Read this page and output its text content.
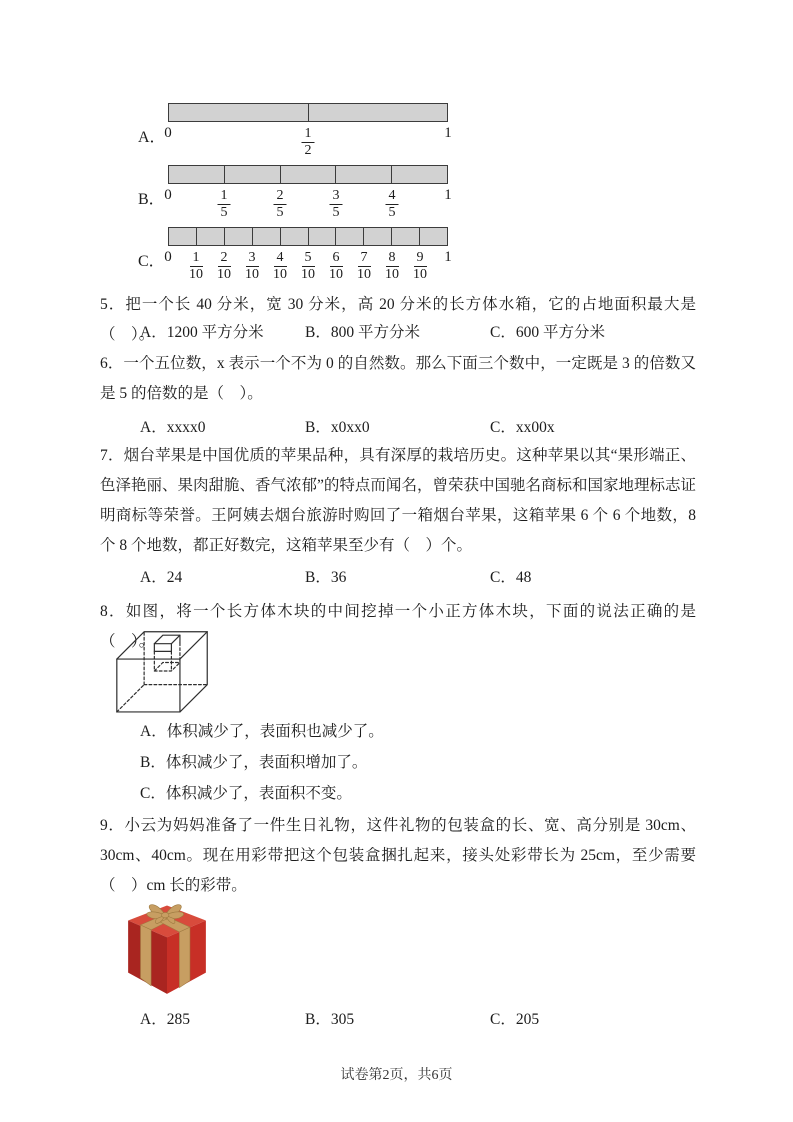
A．
0	$\frac{1}{2}$	1
B． 0	$\frac{1}{5}$	$\frac{2}{5}$	$\frac{3}{5}$	$\frac{4}{5}$	1
C． $0 \frac{1}{10} \frac{2}{10} \frac{3}{10} \frac{4}{10} \frac{5}{10} \frac{6}{10} \frac{7}{10} \frac{8}{10} \frac{9}{10} 1$

5．把一个长 40 分米，宽 30 分米，高 20 分米的长方体水箱，它的占地面积最大是（　）。

A．1200 平方分米	B．800 平方分米	C．600 平方分米

6．一个五位数，x 表示一个不为 0 的自然数。那么下面三个数中，一定既是 3 的倍数又是 5 的倍数的是（　）。

A．xxxx0	B．x0xx0	C．xx00x

7．烟台苹果是中国优质的苹果品种，具有深厚的栽培历史。这种苹果以其“果形端正、色泽艳丽、果肉甜脆、香气浓郁”的特点而闻名，曾荣获中国驰名商标和国家地理标志证明商标等荣誉。王阿姨去烟台旅游时购回了一箱烟台苹果，这箱苹果 6 个 6 个地数，8 个 8 个地数，都正好数完，这箱苹果至少有（　）个。

A．24	B．36	C．48

8．如图，将一个长方体木块的中间挖掉一个小正方体木块，下面的说法正确的是（　）。

A．体积减少了，表面积也减少了。

B．体积减少了，表面积增加了。

C．体积减少了，表面积不变。

9．小云为妈妈准备了一件生日礼物，这件礼物的包装盒的长、宽、高分别是 30cm、30cm、40cm。现在用彩带把这个包装盒捆扎起来，接头处彩带长为 25cm，至少需要（　）cm 长的彩带。

A．285	B．305	C．205

试卷第2页，共6页
